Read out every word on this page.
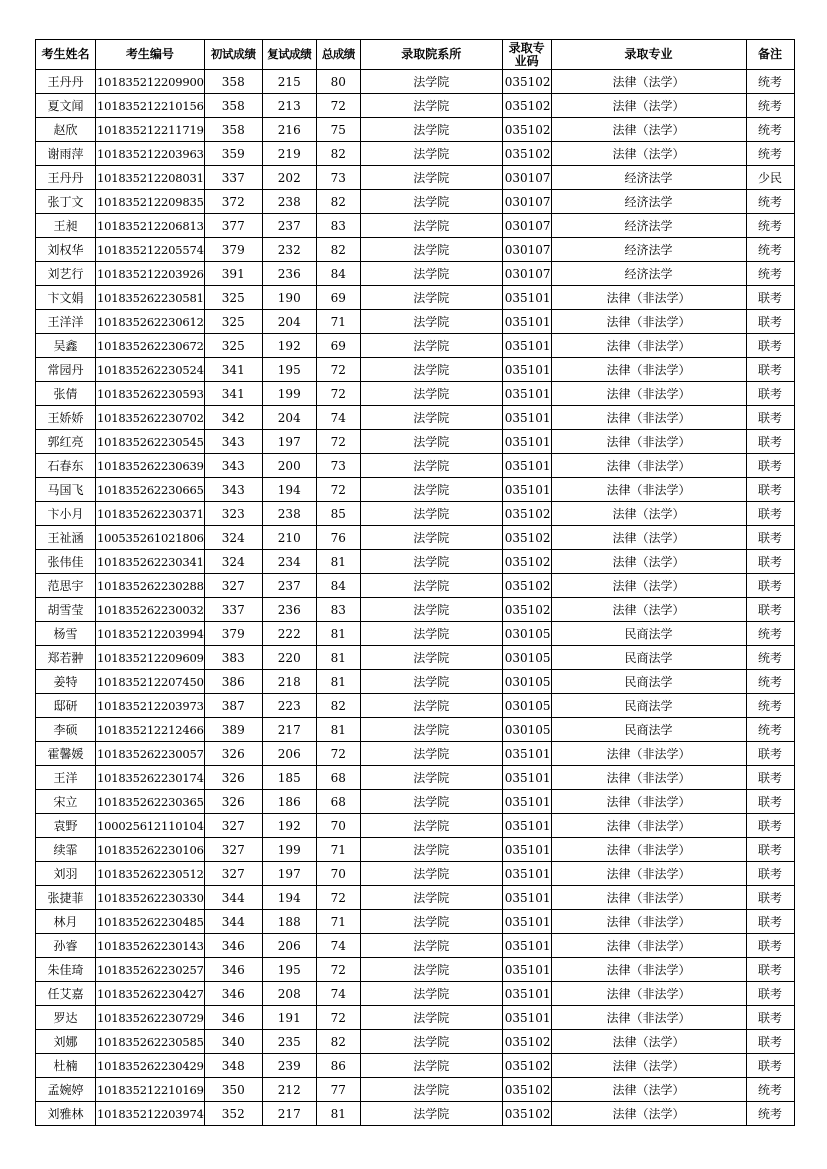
考生姓名	考生编号	初试成绩	复试成绩	总成绩	录取院系所	录取专业码	录取专业	备注
王丹丹	101835212209900	358	215	80	法学院	035102	法律（法学）	统考
夏文闻	101835212210156	358	213	72	法学院	035102	法律（法学）	统考
赵欣	101835212211719	358	216	75	法学院	035102	法律（法学）	统考
谢雨萍	101835212203963	359	219	82	法学院	035102	法律（法学）	统考
王丹丹	101835212208031	337	202	73	法学院	030107	经济法学	少民
张丁文	101835212209835	372	238	82	法学院	030107	经济法学	统考
王昶	101835212206813	377	237	83	法学院	030107	经济法学	统考
刘权华	101835212205574	379	232	82	法学院	030107	经济法学	统考
刘艺行	101835212203926	391	236	84	法学院	030107	经济法学	统考
卞文娟	101835262230581	325	190	69	法学院	035101	法律（非法学）	联考
王洋洋	101835262230612	325	204	71	法学院	035101	法律（非法学）	联考
吴鑫	101835262230672	325	192	69	法学院	035101	法律（非法学）	联考
常园丹	101835262230524	341	195	72	法学院	035101	法律（非法学）	联考
张倩	101835262230593	341	199	72	法学院	035101	法律（非法学）	联考
王娇娇	101835262230702	342	204	74	法学院	035101	法律（非法学）	联考
郭红亮	101835262230545	343	197	72	法学院	035101	法律（非法学）	联考
石春东	101835262230639	343	200	73	法学院	035101	法律（非法学）	联考
马国飞	101835262230665	343	194	72	法学院	035101	法律（非法学）	联考
卞小月	101835262230371	323	238	85	法学院	035102	法律（法学）	联考
王祉涵	100535261021806	324	210	76	法学院	035102	法律（法学）	联考
张伟佳	101835262230341	324	234	81	法学院	035102	法律（法学）	联考
范思宇	101835262230288	327	237	84	法学院	035102	法律（法学）	联考
胡雪莹	101835262230032	337	236	83	法学院	035102	法律（法学）	联考
杨雪	101835212203994	379	222	81	法学院	030105	民商法学	统考
郑若翀	101835212209609	383	220	81	法学院	030105	民商法学	统考
姜特	101835212207450	386	218	81	法学院	030105	民商法学	统考
邸研	101835212203973	387	223	82	法学院	030105	民商法学	统考
李硕	101835212212466	389	217	81	法学院	030105	民商法学	统考
霍馨媛	101835262230057	326	206	72	法学院	035101	法律（非法学）	联考
王洋	101835262230174	326	185	68	法学院	035101	法律（非法学）	联考
宋立	101835262230365	326	186	68	法学院	035101	法律（非法学）	联考
袁野	100025612110104	327	192	70	法学院	035101	法律（非法学）	联考
续霏	101835262230106	327	199	71	法学院	035101	法律（非法学）	联考
刘羽	101835262230512	327	197	70	法学院	035101	法律（非法学）	联考
张捷菲	101835262230330	344	194	72	法学院	035101	法律（非法学）	联考
林月	101835262230485	344	188	71	法学院	035101	法律（非法学）	联考
孙睿	101835262230143	346	206	74	法学院	035101	法律（非法学）	联考
朱佳琦	101835262230257	346	195	72	法学院	035101	法律（非法学）	联考
任艾嘉	101835262230427	346	208	74	法学院	035101	法律（非法学）	联考
罗达	101835262230729	346	191	72	法学院	035101	法律（非法学）	联考
刘娜	101835262230585	340	235	82	法学院	035102	法律（法学）	联考
杜楠	101835262230429	348	239	86	法学院	035102	法律（法学）	联考
孟婉婷	101835212210169	350	212	77	法学院	035102	法律（法学）	统考
刘雅林	101835212203974	352	217	81	法学院	035102	法律（法学）	统考
